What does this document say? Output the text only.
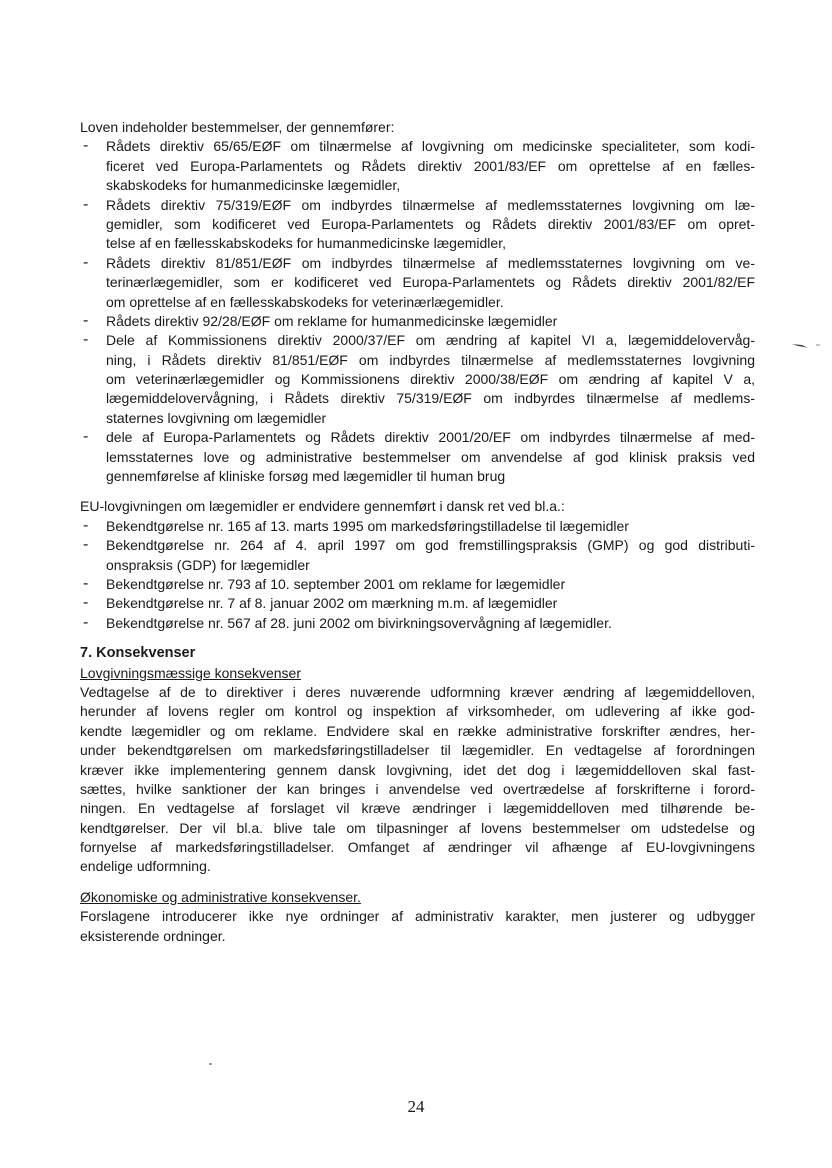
Loven indeholder bestemmelser, der gennemfører:
- Rådets direktiv 65/65/EØF om tilnærmelse af lovgivning om medicinske specialiteter, som kodi-
ficeret ved Europa-Parlamentets og Rådets direktiv 2001/83/EF om oprettelse af en fælles-
skabskodeks for humanmedicinske lægemidler,
- Rådets direktiv 75/319/EØF om indbyrdes tilnærmelse af medlemsstaternes lovgivning om læ-
gemidler, som kodificeret ved Europa-Parlamentets og Rådets direktiv 2001/83/EF om opret-
telse af en fællesskabskodeks for humanmedicinske lægemidler,
- Rådets direktiv 81/851/EØF om indbyrdes tilnærmelse af medlemsstaternes lovgivning om ve-
terinærlægemidler, som er kodificeret ved Europa-Parlamentets og Rådets direktiv 2001/82/EF
om oprettelse af en fællesskabskodeks for veterinærlægemidler.
- Rådets direktiv 92/28/EØF om reklame for humanmedicinske lægemidler
- Dele af Kommissionens direktiv 2000/37/EF om ændring af kapitel VI a, lægemiddelovervåg-
ning, i Rådets direktiv 81/851/EØF om indbyrdes tilnærmelse af medlemsstaternes lovgivning
om veterinærlægemidler og Kommissionens direktiv 2000/38/EØF om ændring af kapitel V a,
lægemiddelovervågning, i Rådets direktiv 75/319/EØF om indbyrdes tilnærmelse af medlems-
staternes lovgivning om lægemidler
- dele af Europa-Parlamentets og Rådets direktiv 2001/20/EF om indbyrdes tilnærmelse af med-
lemsstaternes love og administrative bestemmelser om anvendelse af god klinisk praksis ved
gennemførelse af kliniske forsøg med lægemidler til human brug
EU-lovgivningen om lægemidler er endvidere gennemført i dansk ret ved bl.a.:
- Bekendtgørelse nr. 165 af 13. marts 1995 om markedsføringstilladelse til lægemidler
- Bekendtgørelse nr. 264 af 4. april 1997 om god fremstillingspraksis (GMP) og god distributi-
onspraksis (GDP) for lægemidler
- Bekendtgørelse nr. 793 af 10. september 2001 om reklame for lægemidler
- Bekendtgørelse nr. 7 af 8. januar 2002 om mærkning m.m. af lægemidler
- Bekendtgørelse nr. 567 af 28. juni 2002 om bivirkningsovervågning af lægemidler.
7. Konsekvenser
Lovgivningsmæssige konsekvenser
Vedtagelse af de to direktiver i deres nuværende udformning kræver ændring af lægemiddelloven,
herunder af lovens regler om kontrol og inspektion af virksomheder, om udlevering af ikke god-
kendte lægemidler og om reklame. Endvidere skal en række administrative forskrifter ændres, her-
under bekendtgørelsen om markedsføringstilladelser til lægemidler. En vedtagelse af forordningen
kræver ikke implementering gennem dansk lovgivning, idet det dog i lægemiddelloven skal fast-
sættes, hvilke sanktioner der kan bringes i anvendelse ved overtrædelse af forskrifterne i forord-
ningen. En vedtagelse af forslaget vil kræve ændringer i lægemiddelloven med tilhørende be-
kendtgørelser. Der vil bl.a. blive tale om tilpasninger af lovens bestemmelser om udstedelse og
fornyelse af markedsføringstilladelser. Omfanget af ændringer vil afhænge af EU-lovgivningens
endelige udformning.
Økonomiske og administrative konsekvenser.
Forslagene introducerer ikke nye ordninger af administrativ karakter, men justerer og udbygger
eksisterende ordninger.
24
